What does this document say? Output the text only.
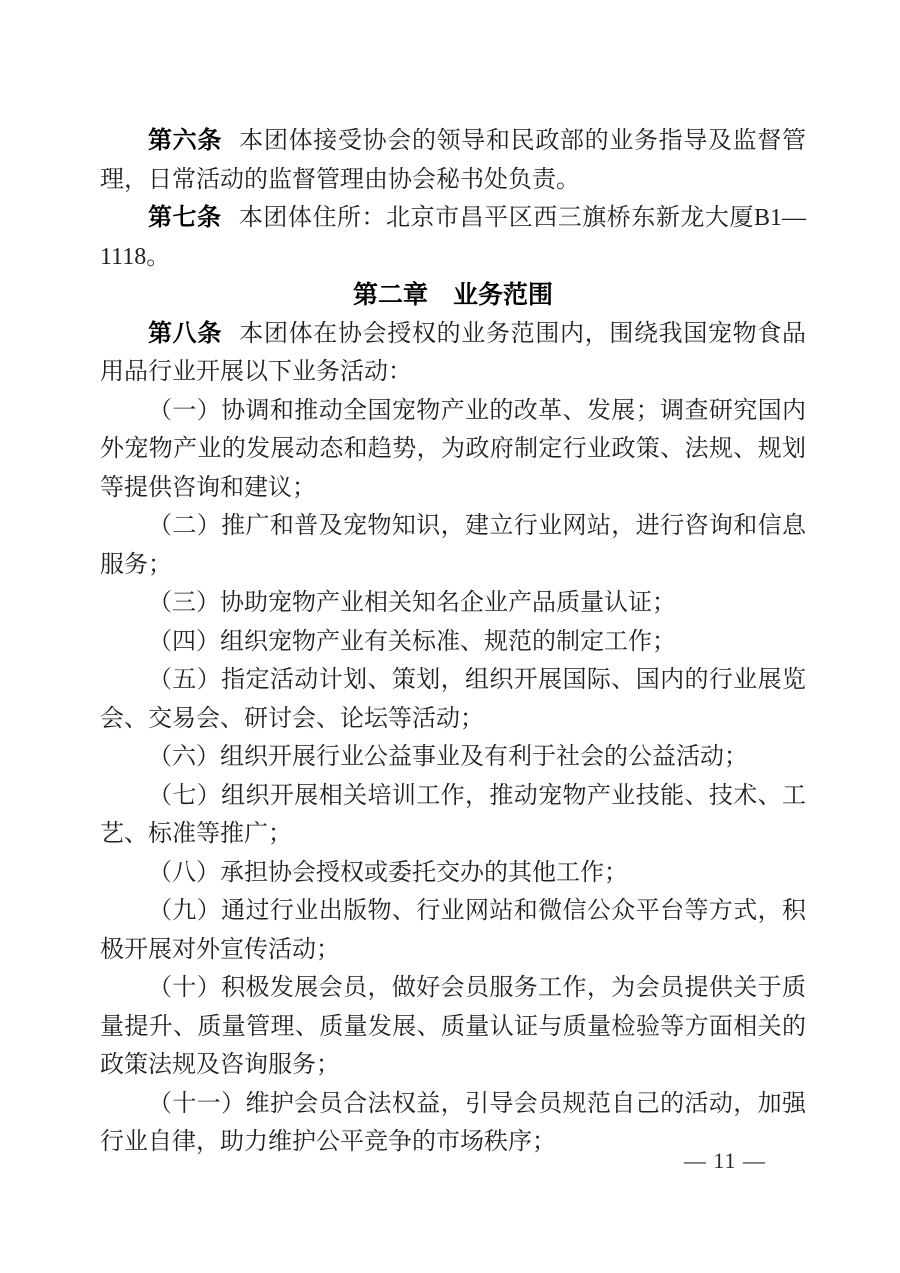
第六条 本团体接受协会的领导和民政部的业务指导及监督管理，日常活动的监督管理由协会秘书处负责。

第七条 本团体住所：北京市昌平区西三旗桥东新龙大厦B1—1118。

第二章　业务范围

第八条 本团体在协会授权的业务范围内，围绕我国宠物食品用品行业开展以下业务活动：

（一）协调和推动全国宠物产业的改革、发展；调查研究国内外宠物产业的发展动态和趋势，为政府制定行业政策、法规、规划等提供咨询和建议；

（二）推广和普及宠物知识，建立行业网站，进行咨询和信息服务；

（三）协助宠物产业相关知名企业产品质量认证；

（四）组织宠物产业有关标准、规范的制定工作；

（五）指定活动计划、策划，组织开展国际、国内的行业展览会、交易会、研讨会、论坛等活动；

（六）组织开展行业公益事业及有利于社会的公益活动；

（七）组织开展相关培训工作，推动宠物产业技能、技术、工艺、标准等推广；

（八）承担协会授权或委托交办的其他工作；

（九）通过行业出版物、行业网站和微信公众平台等方式，积极开展对外宣传活动；

（十）积极发展会员，做好会员服务工作，为会员提供关于质量提升、质量管理、质量发展、质量认证与质量检验等方面相关的政策法规及咨询服务；

（十一）维护会员合法权益，引导会员规范自己的活动，加强行业自律，助力维护公平竞争的市场秩序；

— 11 —
